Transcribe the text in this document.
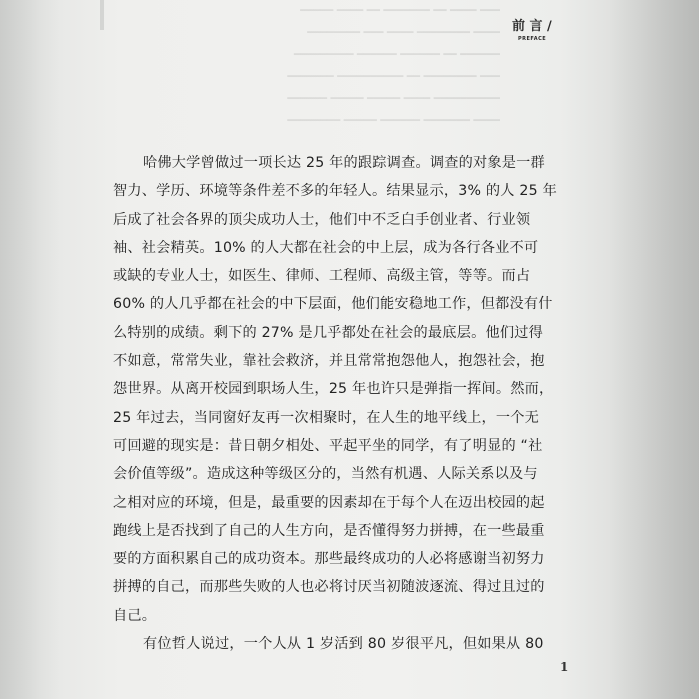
━━━ ━━━━ ━━ ━━━━━━━ ━━ ━━━━ ━━━━━
━━━━ ━━━━━━━━ ━━━━ ━━━ ━━━━━━━━
━━━━━━ ━━ ━━━━━━ ━━━━━━ ━━━━━━━━━
━━━ ━━━━━━━━ ━━ ━━━━━━━━━━ ━━━━━━━
━━━━━━━━━━ ━━━━ ━━━━━ ━━━━━ ━━━━━━
━━━━ ━━━━━━━ ━━━━━━ ━━━━━ ━━━━━━━━
前 言 /
PREFACE
哈佛大学曾做过一项长达 25 年的跟踪调查。调查的对象是一群
智力、学历、环境等条件差不多的年轻人。结果显示，3% 的人 25 年
后成了社会各界的顶尖成功人士，他们中不乏白手创业者、行业领
袖、社会精英。10% 的人大都在社会的中上层，成为各行各业不可
或缺的专业人士，如医生、律师、工程师、高级主管，等等。而占
60% 的人几乎都在社会的中下层面，他们能安稳地工作，但都没有什
么特别的成绩。剩下的 27% 是几乎都处在社会的最底层。他们过得
不如意，常常失业，靠社会救济，并且常常抱怨他人，抱怨社会，抱
怨世界。从离开校园到职场人生，25 年也许只是弹指一挥间。然而，
25 年过去，当同窗好友再一次相聚时，在人生的地平线上，一个无
可回避的现实是：昔日朝夕相处、平起平坐的同学，有了明显的 “社
会价值等级”。造成这种等级区分的，当然有机遇、人际关系以及与
之相对应的环境，但是，最重要的因素却在于每个人在迈出校园的起
跑线上是否找到了自己的人生方向，是否懂得努力拼搏，在一些最重
要的方面积累自己的成功资本。那些最终成功的人必将感谢当初努力
拼搏的自己，而那些失败的人也必将讨厌当初随波逐流、得过且过的
自己。
有位哲人说过，一个人从 1 岁活到 80 岁很平凡，但如果从 80
1
